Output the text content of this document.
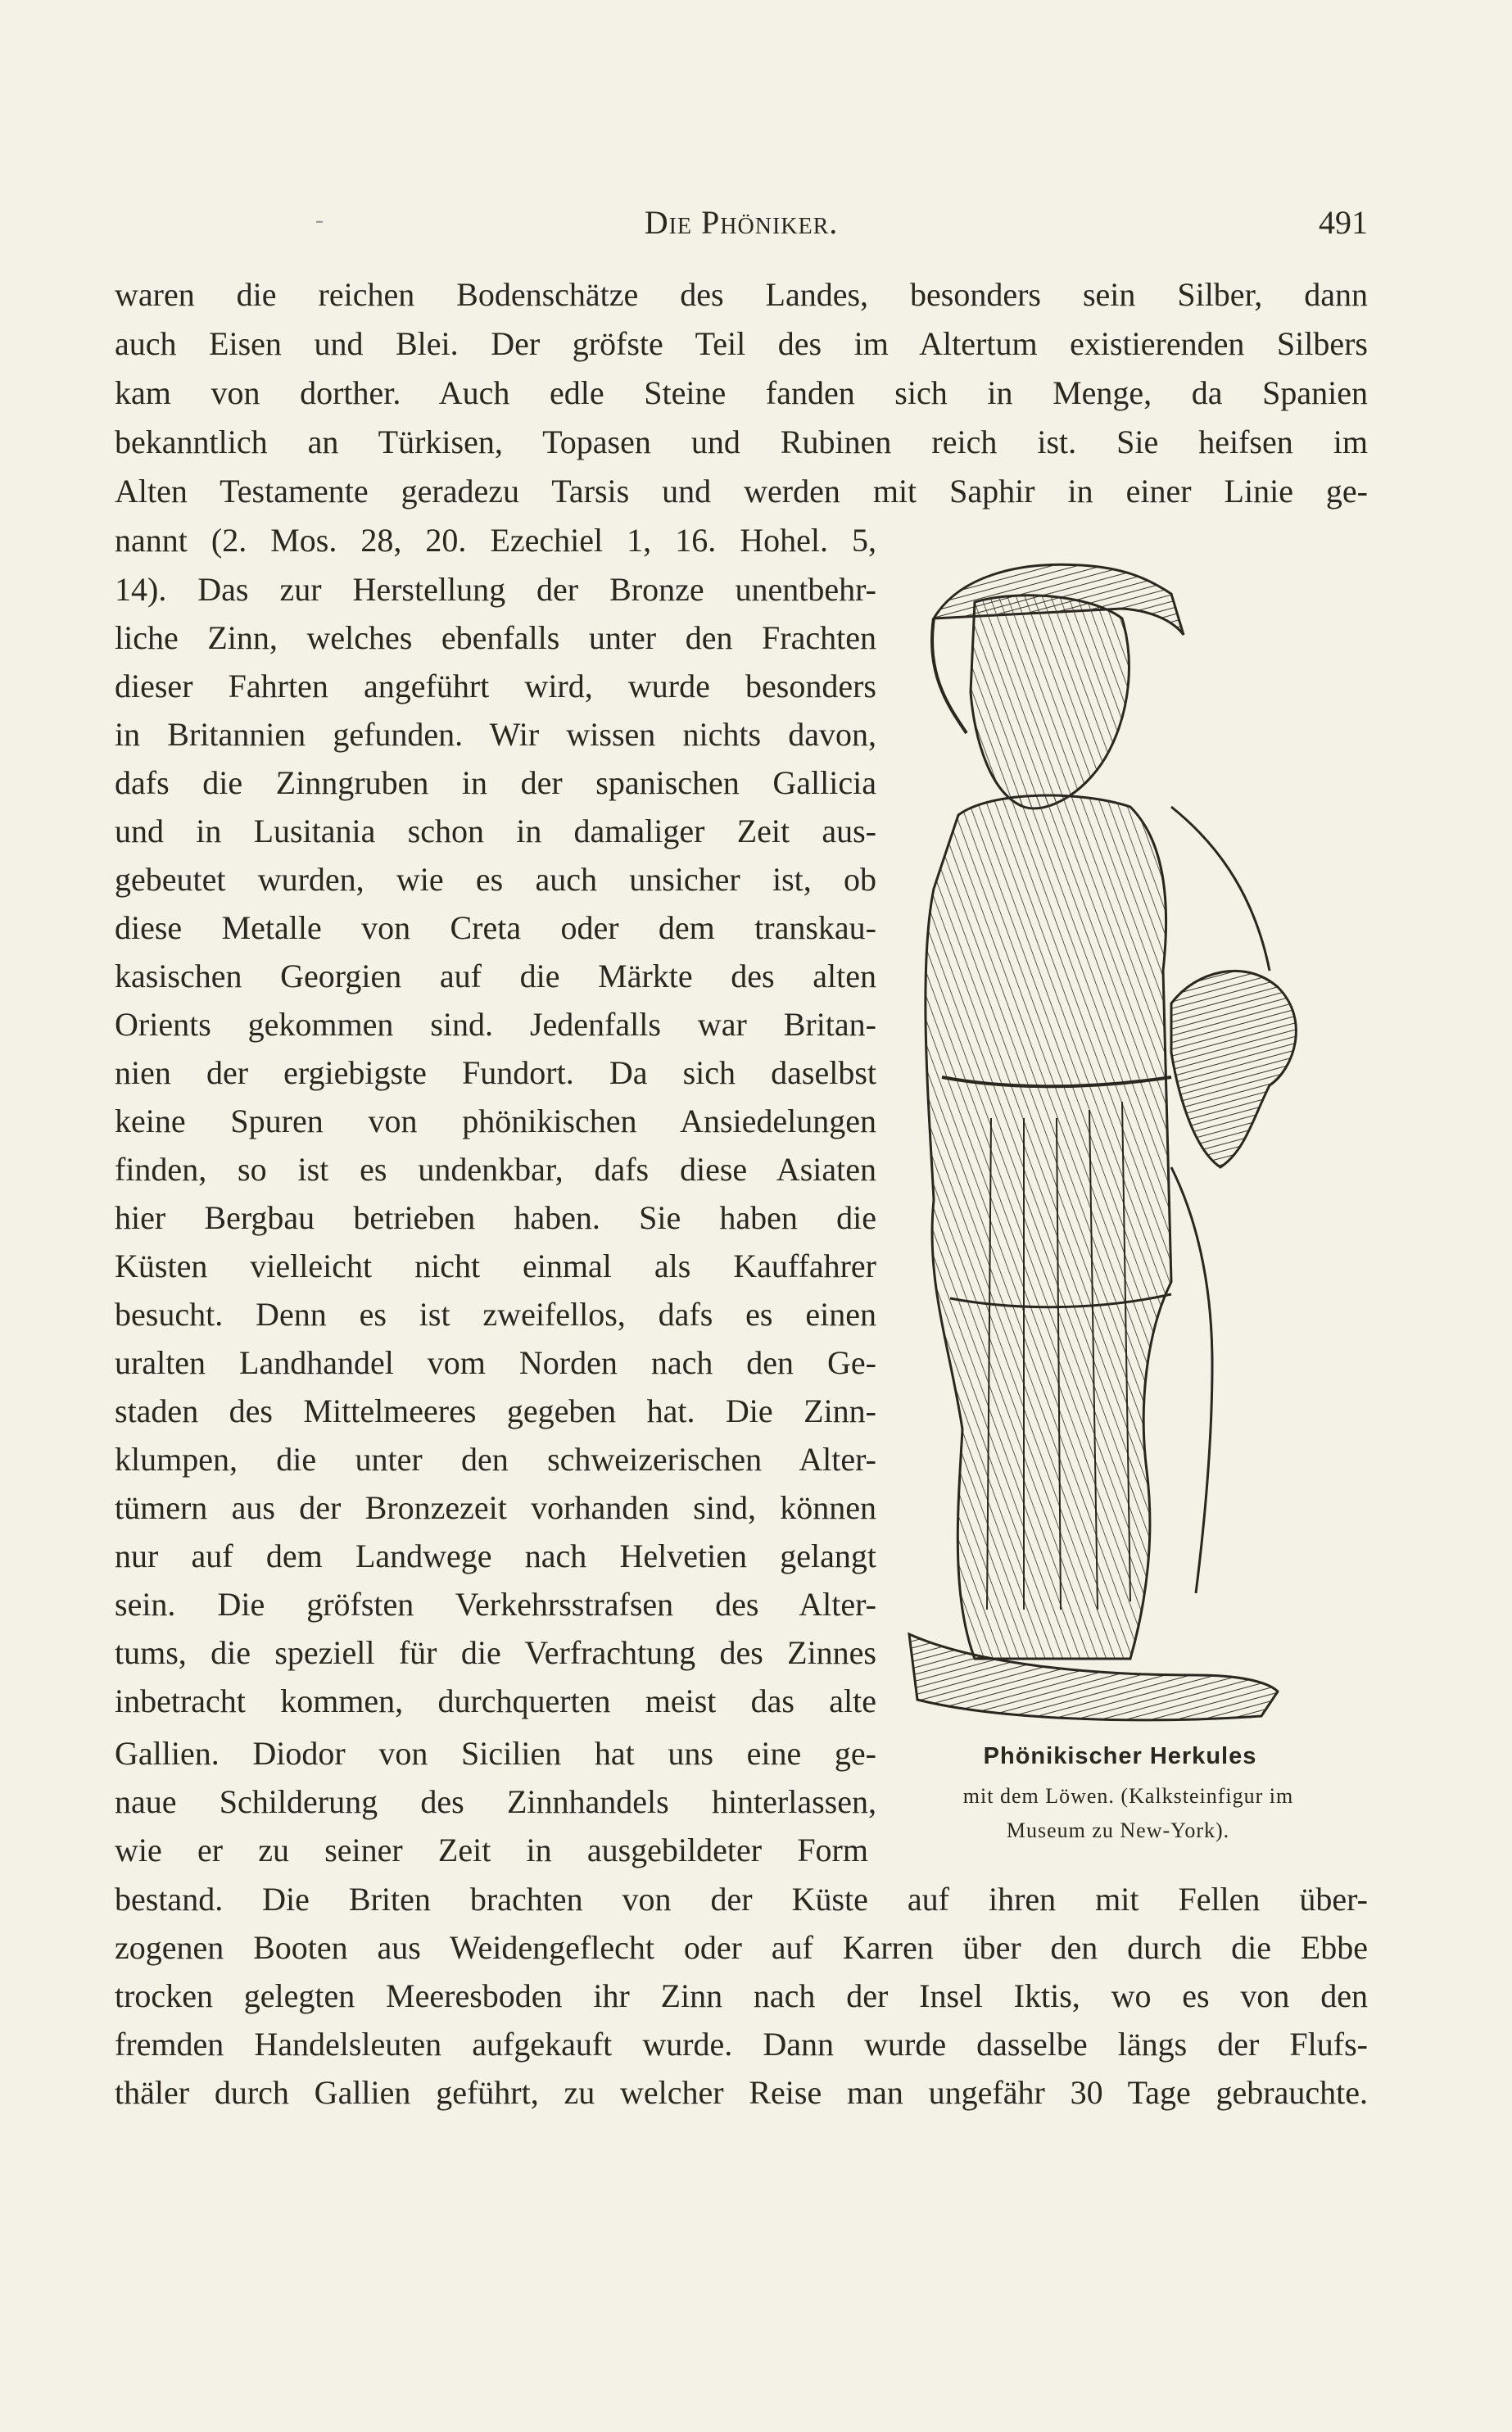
-	Die Phöniker.	491
waren die reichen Bodenschätze des Landes, besonders sein Silber, dann
auch Eisen und Blei. Der gröfste Teil des im Altertum existierenden Silbers
kam von dorther. Auch edle Steine fanden sich in Menge, da Spanien
bekanntlich an Türkisen, Topasen und Rubinen reich ist. Sie heifsen im
Alten Testamente geradezu Tarsis und werden mit Saphir in einer Linie ge-
nannt (2. Mos. 28, 20. Ezechiel 1, 16. Hohel. 5,
14). Das zur Herstellung der Bronze unentbehr-
liche Zinn, welches ebenfalls unter den Frachten
dieser Fahrten angeführt wird, wurde besonders
in Britannien gefunden. Wir wissen nichts davon,
dafs die Zinngruben in der spanischen Gallicia
und in Lusitania schon in damaliger Zeit aus-
gebeutet wurden, wie es auch unsicher ist, ob
diese Metalle von Creta oder dem transkau-
kasischen Georgien auf die Märkte des alten
Orients gekommen sind. Jedenfalls war Britan-
nien der ergiebigste Fundort. Da sich daselbst
keine Spuren von phönikischen Ansiedelungen
finden, so ist es undenkbar, dafs diese Asiaten
hier Bergbau betrieben haben. Sie haben die
Küsten vielleicht nicht einmal als Kauffahrer
besucht. Denn es ist zweifellos, dafs es einen
uralten Landhandel vom Norden nach den Ge-
staden des Mittelmeeres gegeben hat. Die Zinn-
klumpen, die unter den schweizerischen Alter-
tümern aus der Bronzezeit vorhanden sind, können
nur auf dem Landwege nach Helvetien gelangt
sein. Die gröfsten Verkehrsstrafsen des Alter-
tums, die speziell für die Verfrachtung des Zinnes
inbetracht kommen, durchquerten meist das alte
Gallien. Diodor von Sicilien hat uns eine ge-
naue Schilderung des Zinnhandels hinterlassen,
wie er zu seiner Zeit in ausgebildeter Form
bestand. Die Briten brachten von der Küste auf ihren mit Fellen über-
zogenen Booten aus Weidengeflecht oder auf Karren über den durch die Ebbe
trocken gelegten Meeresboden ihr Zinn nach der Insel Iktis, wo es von den
fremden Handelsleuten aufgekauft wurde. Dann wurde dasselbe längs der Flufs-
thäler durch Gallien geführt, zu welcher Reise man ungefähr 30 Tage gebrauchte.
Phönikischer Herkules
mit dem Löwen. (Kalksteinfigur im
Museum zu New-York).
